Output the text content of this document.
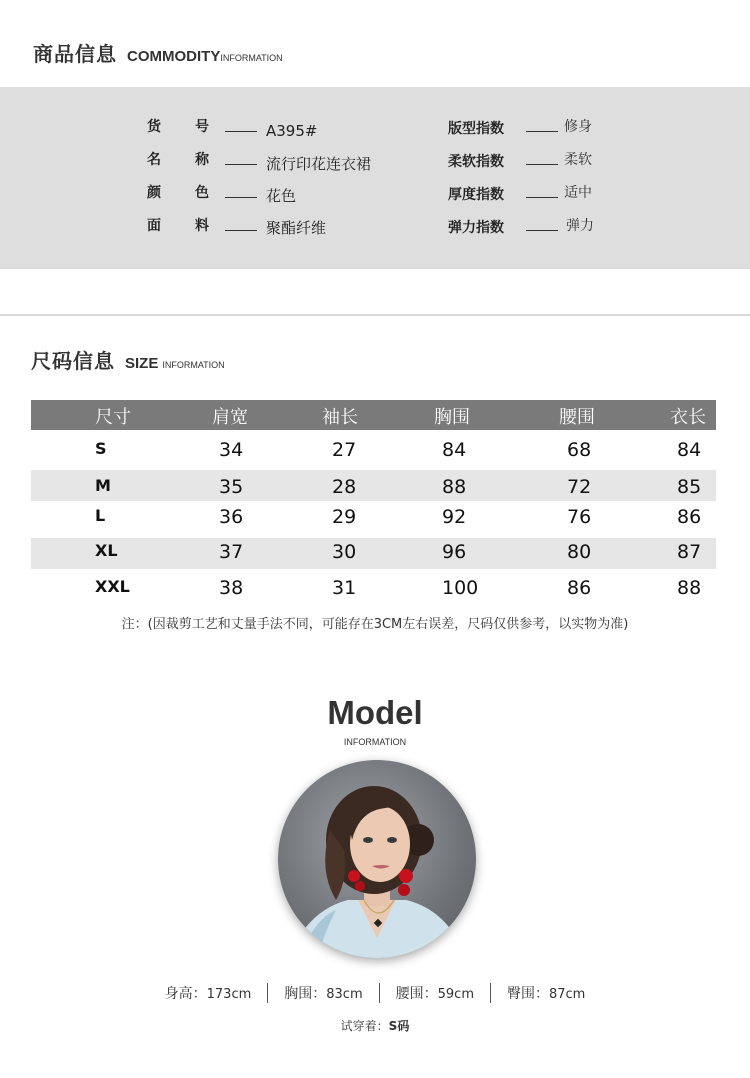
商品信息 COMMODITY INFORMATION
货 号	A395#
名 称	流行印花连衣裙
颜 色	花色
面 料	聚酯纤维
版型指数	修身
柔软指数	柔软
厚度指数	适中
弹力指数	弹力
尺码信息 SIZE INFORMATION
尺寸	肩宽	袖长	胸围	腰围	衣长
S	34	27	84	68	84
M	35	28	88	72	85
L	36	29	92	76	86
XL	37	30	96	80	87
XXL	38	31	100	86	88
注：(因裁剪工艺和丈量手法不同，可能存在3CM左右误差，尺码仅供参考，以实物为准)
Model
INFORMATION
身高： 173cm 胸围： 83cm 腰围： 59cm 臀围： 87cm
试穿着：S码
